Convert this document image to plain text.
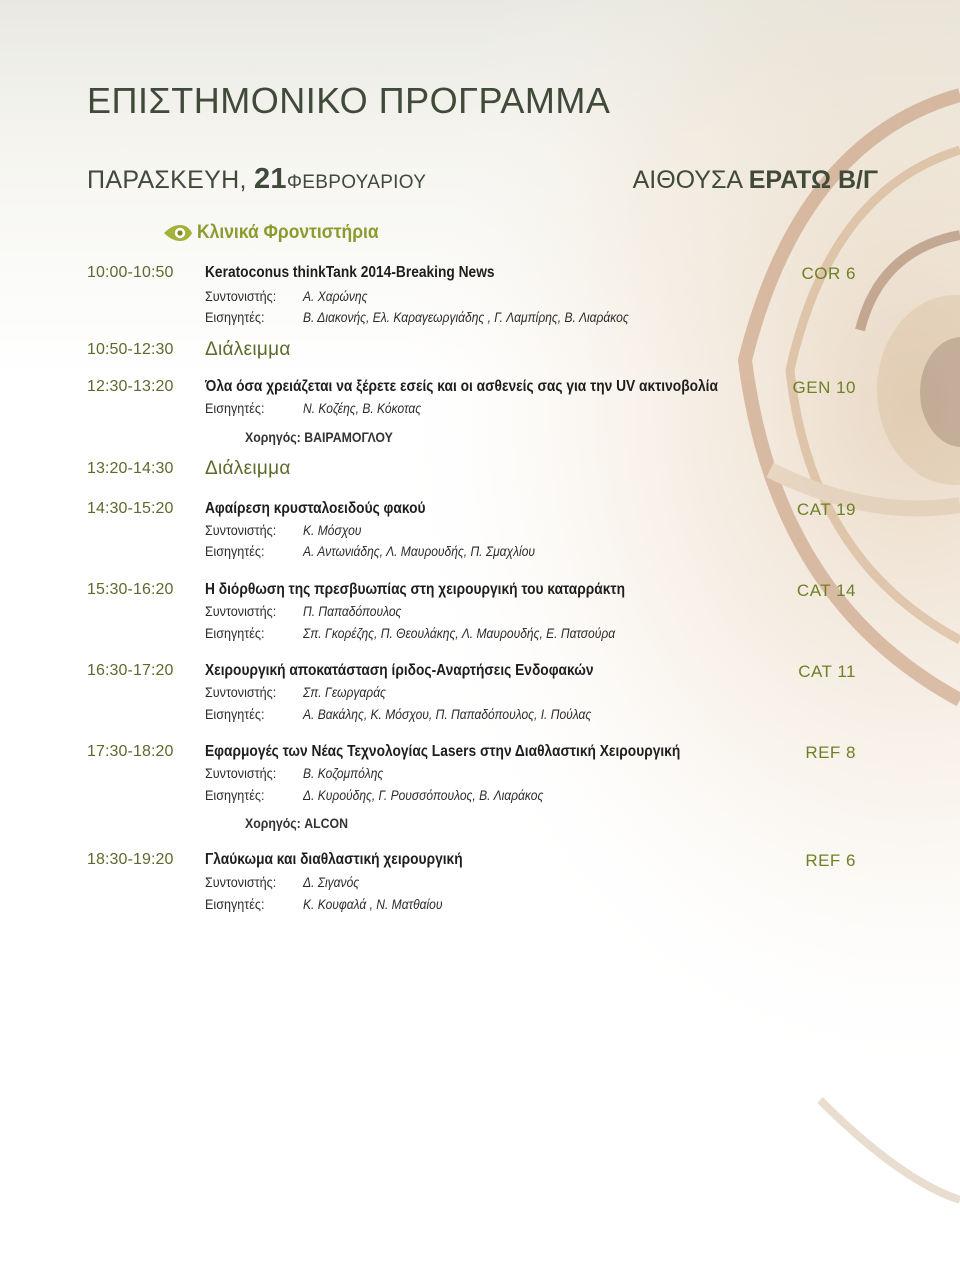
ΕΠΙΣΤΗΜΟΝΙΚΟ ΠΡΟΓΡΑΜΜΑ
ΠΑΡΑΣΚΕΥΗ, 21ΦΕΒΡΟΥΑΡΙΟΥ	ΑΙΘΟΥΣΑ ΕΡΑΤΩ Β/Γ
Κλινικά Φροντιστήρια
10:00-10:50 Keratoconus thinkTank 2014-Breaking News	COR 6
Συντονιστής: Α. Χαρώνης
Εισηγητές:	Β. Διακονής, Ελ. Καραγεωργιάδης , Γ. Λαμπίρης, Β. Λιαράκος
10:50-12:30 Διάλειμμα
12:30-13:20 Όλα όσα χρειάζεται να ξέρετε εσείς και οι ασθενείς σας για την UV ακτινοβολία	GEN 10
Εισηγητές:	Ν. Κοζέης, Β. Κόκοτας
Χορηγός: ΒΑΙΡΑΜΟΓΛΟΥ
13:20-14:30 Διάλειμμα
14:30-15:20 Αφαίρεση κρυσταλοειδούς φακού	CAT 19
Συντονιστής: Κ. Μόσχου
Εισηγητές:	Α. Αντωνιάδης, Λ. Μαυρουδής, Π. Σμαχλίου
15:30-16:20 Η διόρθωση της πρεσβυωπίας στη χειρουργική του καταρράκτη	CAT 14
Συντονιστής: Π. Παπαδόπουλος
Εισηγητές:	Σπ. Γκορέζης, Π. Θεουλάκης, Λ. Μαυρουδής, Ε. Πατσούρα
16:30-17:20 Χειρουργική αποκατάσταση ίριδος-Αναρτήσεις Ενδοφακών	CAT 11
Συντονιστής: Σπ. Γεωργαράς
Εισηγητές:	Α. Βακάλης, Κ. Μόσχου, Π. Παπαδόπουλος, Ι. Πούλας
17:30-18:20 Εφαρμογές των Νέας Τεχνολογίας Lasers στην Διαθλαστική Χειρουργική	REF 8
Συντονιστής: Β. Κοζομπόλης
Εισηγητές:	Δ. Κυρούδης, Γ. Ρουσσόπουλος, Β. Λιαράκος
Χορηγός: ALCON
18:30-19:20 Γλαύκωμα και διαθλαστική χειρουργική	REF 6
Συντονιστής: Δ. Σιγανός
Εισηγητές:	Κ. Κουφαλά , Ν. Ματθαίου
